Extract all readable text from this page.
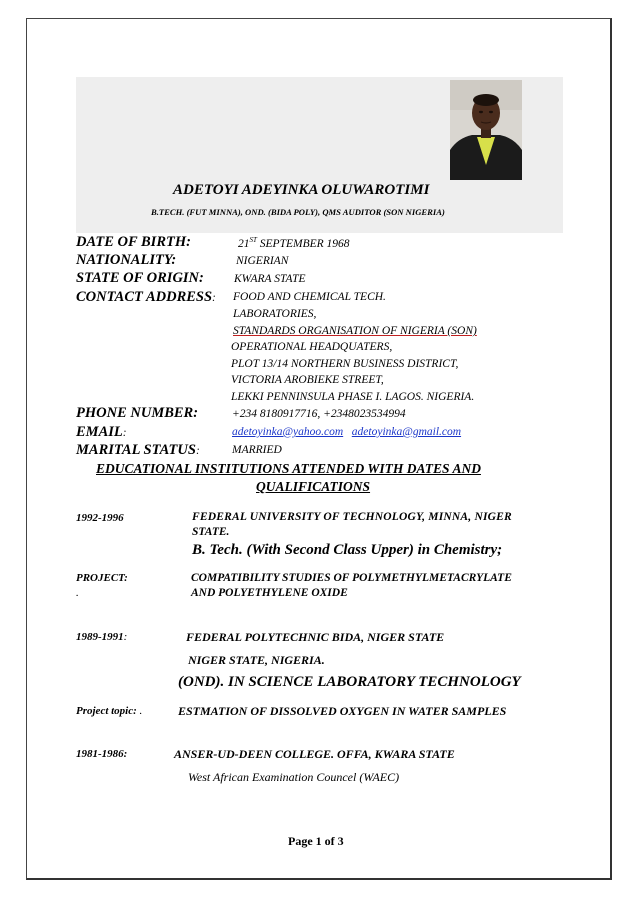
ADETOYI ADEYINKA OLUWAROTIMI
B.TECH. (FUT MINNA), OND. (BIDA POLY), QMS AUDITOR (SON NIGERIA)
DATE OF BIRTH:	21ST SEPTEMBER 1968
NATIONALITY:	NIGERIAN
STATE OF ORIGIN:	KWARA STATE
CONTACT ADDRESS: FOOD AND CHEMICAL TECH.
LABORATORIES,
STANDARDS ORGANISATION OF NIGERIA (SON)
OPERATIONAL HEADQUATERS,
PLOT 13/14 NORTHERN BUSINESS DISTRICT,
VICTORIA AROBIEKE STREET,
LEKKI PENNINSULA PHASE I. LAGOS. NIGERIA.
PHONE NUMBER:	+234 8180917716, +2348023534994
EMAIL:	adetoyinka@yahoo.com adetoyinka@gmail.com
MARITAL STATUS:	MARRIED
EDUCATIONAL INSTITUTIONS ATTENDED WITH DATES AND
QUALIFICATIONS
1992-1996	FEDERAL UNIVERSITY OF TECHNOLOGY, MINNA, NIGER
STATE.
B. Tech. (With Second Class Upper) in Chemistry;
PROJECT:
.
COMPATIBILITY STUDIES OF POLYMETHYLMETACRYLATE
AND POLYETHYLENE OXIDE
1989-1991:	FEDERAL POLYTECHNIC BIDA, NIGER STATE
NIGER STATE, NIGERIA.
(OND). IN SCIENCE LABORATORY TECHNOLOGY
Project topic: .	ESTMATION OF DISSOLVED OXYGEN IN WATER SAMPLES
1981-1986:	ANSER-UD-DEEN COLLEGE. OFFA, KWARA STATE
West African Examination Councel (WAEC)
Page 1 of 3
